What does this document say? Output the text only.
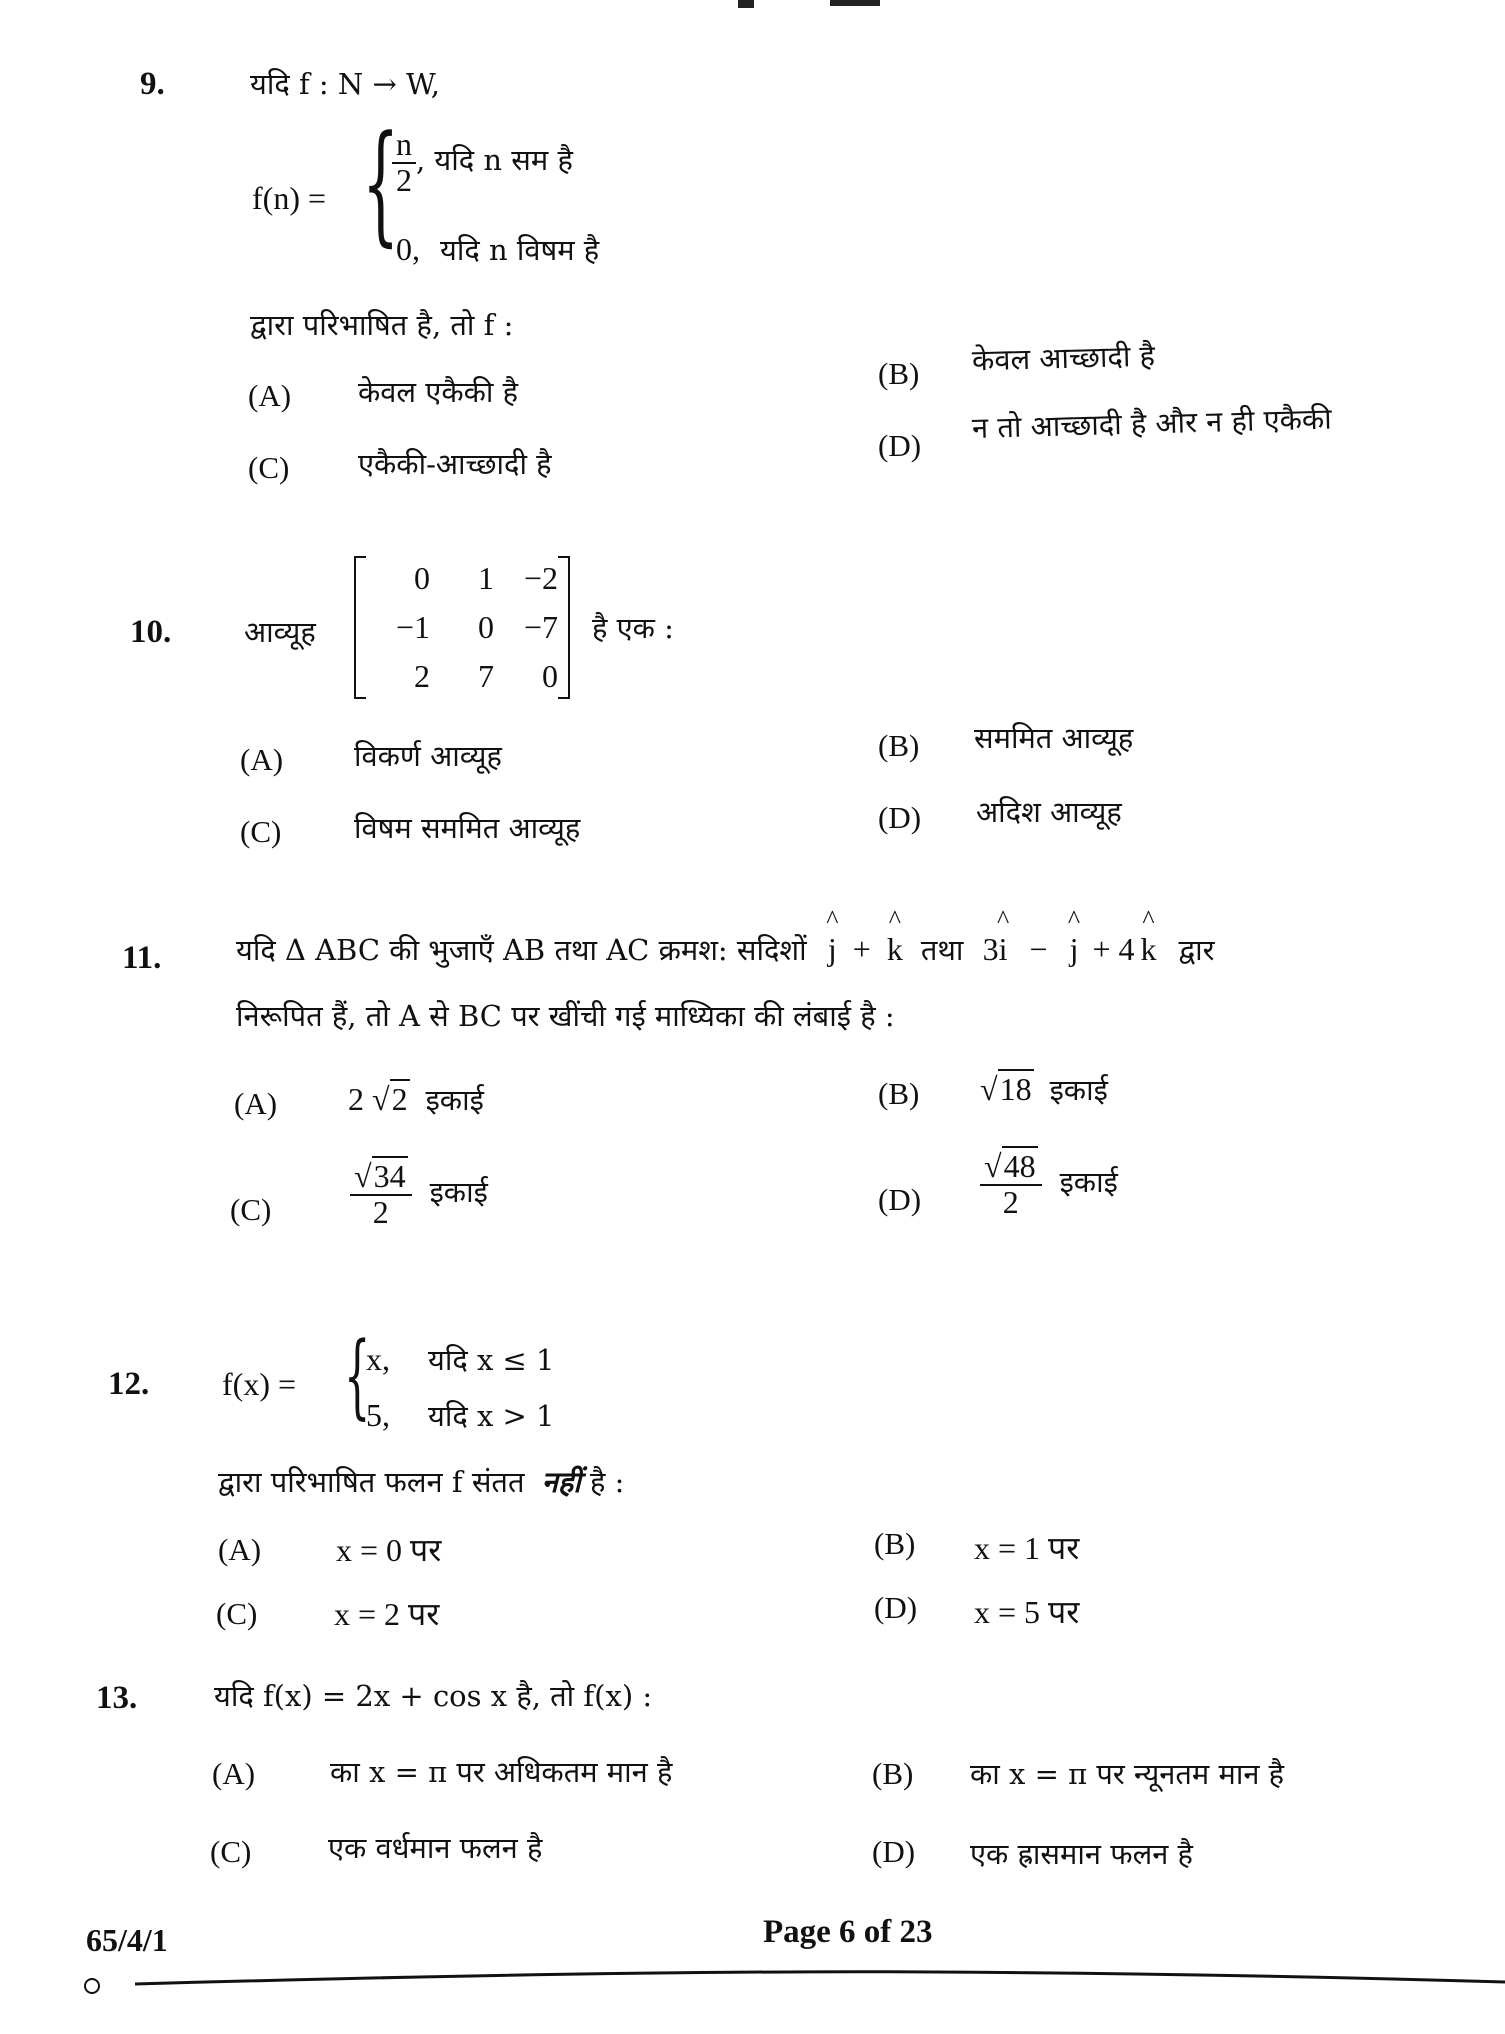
9.	यदि f : N → W,
f(n) = {
$\frac{n}{2}$ , यदि n सम है
0, यदि n विषम है
द्वारा परिभाषित है, तो f :
(A) केवल एकैकी है
(B) केवल आच्छादी है
(C) एकैकी-आच्छादी है
(D)
न तो आच्छादी है और न ही एकैकी
10.	आव्यूह
0	1 −2
−1	0 −7
2	7	0
है एक :
(A) विकर्ण आव्यूह	(B) सममित आव्यूह
(C)	विषम सममित आव्यूह	(D) अदिश आव्यूह
11.	यदि Δ ABC की भुजाएँ AB तथा AC क्रमश: सदिशों ^ j + ^ k तथा 3^ i − ^ j + 4 ^ k द्वार
निरूपित हैं, तो A से BC पर खींची गई माध्यिका की लंबाई है :
(A) 2 √2 इकाई	(B) √18 इकाई
$(C) \frac{√34}{2}$ इकाई	$(D) \frac{√48}{2}$ इकाई
12. f(x) = {
x, यदि x ≤ 1
5, यदि x > 1
द्वारा परिभाषित फलन f संतत नहीं है :
(A) x = 0 पर	(B) x = 1 पर
(C) x = 2 पर	(D) x = 5 पर
13.	यदि f(x) = 2x + cos x है, तो f(x) :
(A)	का x = π पर अधिकतम मान है	(B) का x = π पर न्यूनतम मान है
(C)	एक वर्धमान फलन है	(D) एक ह्रासमान फलन है
65/4/1	Page 6 of 23
